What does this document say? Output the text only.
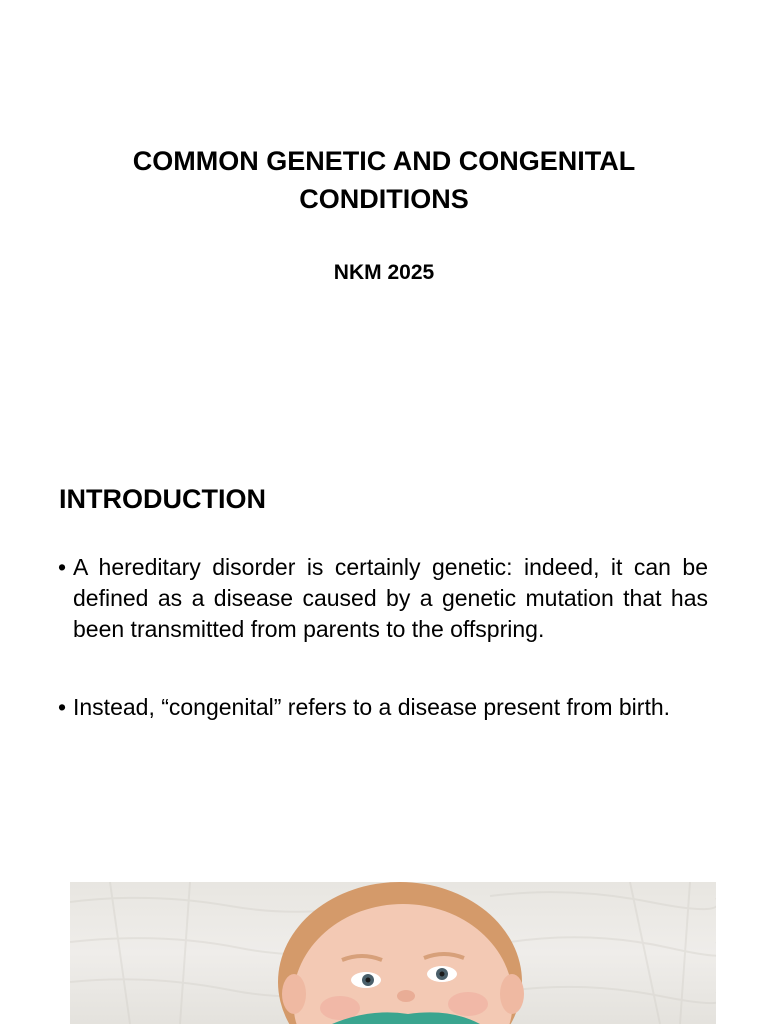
COMMON GENETIC AND CONGENITAL CONDITIONS
NKM 2025
INTRODUCTION
• A hereditary disorder is certainly genetic: indeed, it can be defined as a disease caused by a genetic mutation that has been transmitted from parents to the offspring.
• Instead, “congenital” refers to a disease present from birth.
